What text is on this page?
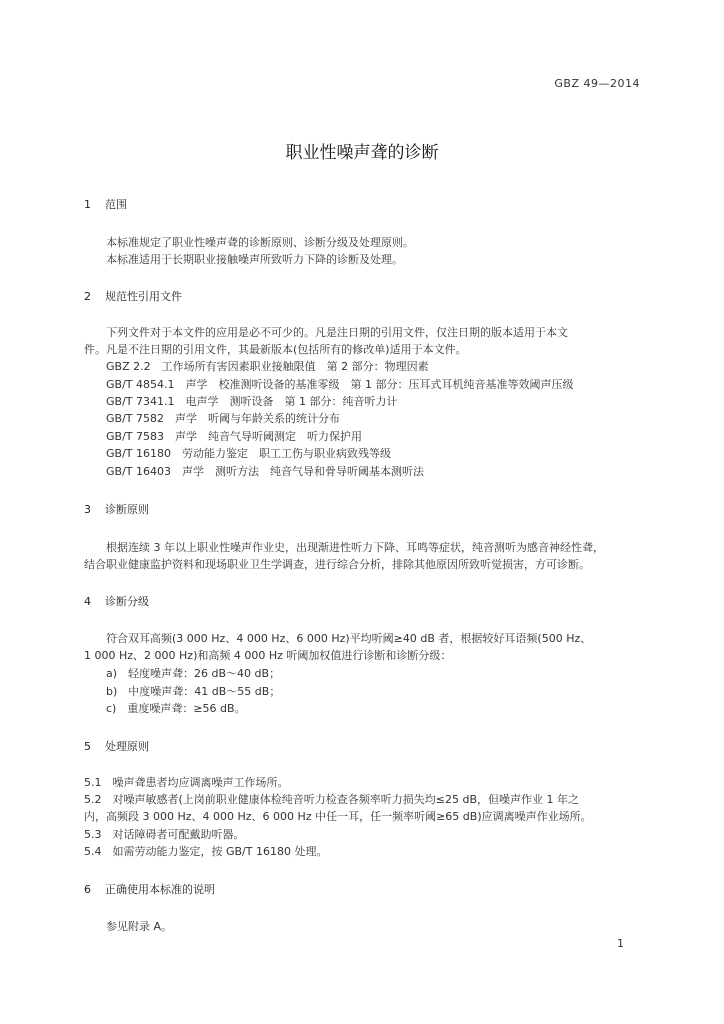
GBZ 49—2014
职业性噪声聋的诊断
1 范围
本标准规定了职业性噪声聋的诊断原则、诊断分级及处理原则。
本标准适用于长期职业接触噪声所致听力下降的诊断及处理。
2 规范性引用文件
下列文件对于本文件的应用是必不可少的。凡是注日期的引用文件，仅注日期的版本适用于本文
件。凡是不注日期的引用文件，其最新版本(包括所有的修改单)适用于本文件。
GBZ 2.2　工作场所有害因素职业接触限值　第 2 部分：物理因素
GB/T 4854.1　声学　校准测听设备的基准零级　第 1 部分：压耳式耳机纯音基准等效阈声压级
GB/T 7341.1　电声学　测听设备　第 1 部分：纯音听力计
GB/T 7582　声学　听阈与年龄关系的统计分布
GB/T 7583　声学　纯音气导听阈测定　听力保护用
GB/T 16180　劳动能力鉴定　职工工伤与职业病致残等级
GB/T 16403　声学　测听方法　纯音气导和骨导听阈基本测听法
3 诊断原则
根据连续 3 年以上职业性噪声作业史，出现渐进性听力下降、耳鸣等症状，纯音测听为感音神经性聋，
结合职业健康监护资料和现场职业卫生学调查，进行综合分析，排除其他原因所致听觉损害，方可诊断。
4 诊断分级
符合双耳高频(3 000 Hz、4 000 Hz、6 000 Hz)平均听阈≥40 dB 者，根据较好耳语频(500 Hz、
1 000 Hz、2 000 Hz)和高频 4 000 Hz 听阈加权值进行诊断和诊断分级：
a)　轻度噪声聋：26 dB～40 dB；
b)　中度噪声聋：41 dB～55 dB；
c)　重度噪声聋：≥56 dB。
5 处理原则
5.1　噪声聋患者均应调离噪声工作场所。
5.2　对噪声敏感者(上岗前职业健康体检纯音听力检查各频率听力损失均≤25 dB，但噪声作业 1 年之
内，高频段 3 000 Hz、4 000 Hz、6 000 Hz 中任一耳，任一频率听阈≥65 dB)应调离噪声作业场所。
5.3　对话障碍者可配戴助听器。
5.4　如需劳动能力鉴定，按 GB/T 16180 处理。
6 正确使用本标准的说明
参见附录 A。
1
